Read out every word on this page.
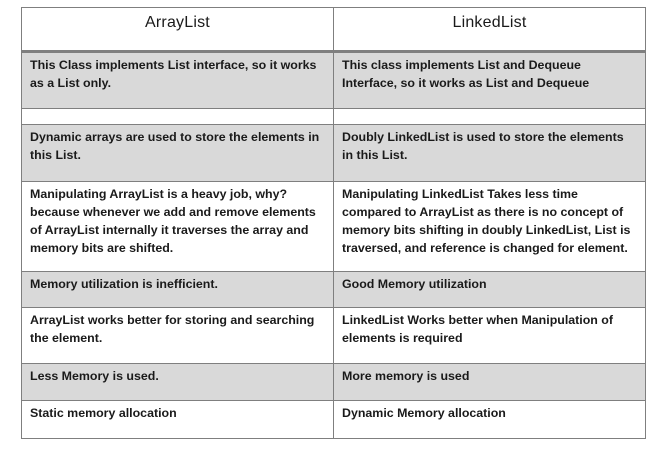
ArrayList	LinkedList
This Class implements List interface, so it works as a List only.	This class implements List and Dequeue Interface, so it works as List and Dequeue

Dynamic arrays are used to store the elements in this List.	Doubly LinkedList is used to store the elements in this List.
Manipulating ArrayList is a heavy job, why? because whenever we add and remove elements of ArrayList internally it traverses the array and memory bits are shifted.	Manipulating LinkedList Takes less time compared to ArrayList as there is no concept of memory bits shifting in doubly LinkedList, List is traversed, and reference is changed for element.
Memory utilization is inefficient.	Good Memory utilization
ArrayList works better for storing and searching the element.	LinkedList Works better when Manipulation of elements is required
Less Memory is used.	More memory is used
Static memory allocation	Dynamic Memory allocation
